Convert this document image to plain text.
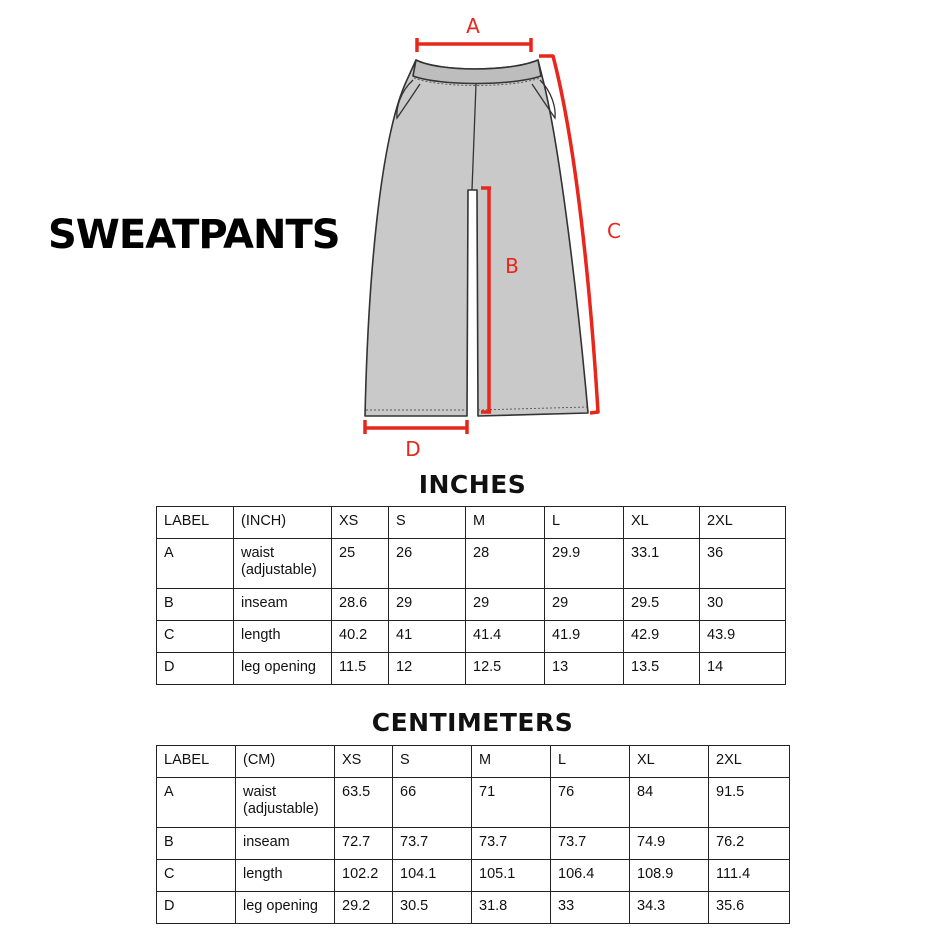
SWEATPANTS
A
B
C
D
INCHES
LABEL	(INCH)	XS	S	M	L	XL	2XL
A	waist (adjustable)	25	26	28	29.9	33.1	36
B	inseam	28.6	29	29	29	29.5	30
C	length	40.2	41	41.4	41.9	42.9	43.9
D	leg opening	11.5	12	12.5	13	13.5	14
CENTIMETERS
LABEL	(CM)	XS	S	M	L	XL	2XL
A	waist (adjustable)	63.5	66	71	76	84	91.5
B	inseam	72.7	73.7	73.7	73.7	74.9	76.2
C	length	102.2	104.1	105.1	106.4	108.9	111.4
D	leg opening	29.2	30.5	31.8	33	34.3	35.6
